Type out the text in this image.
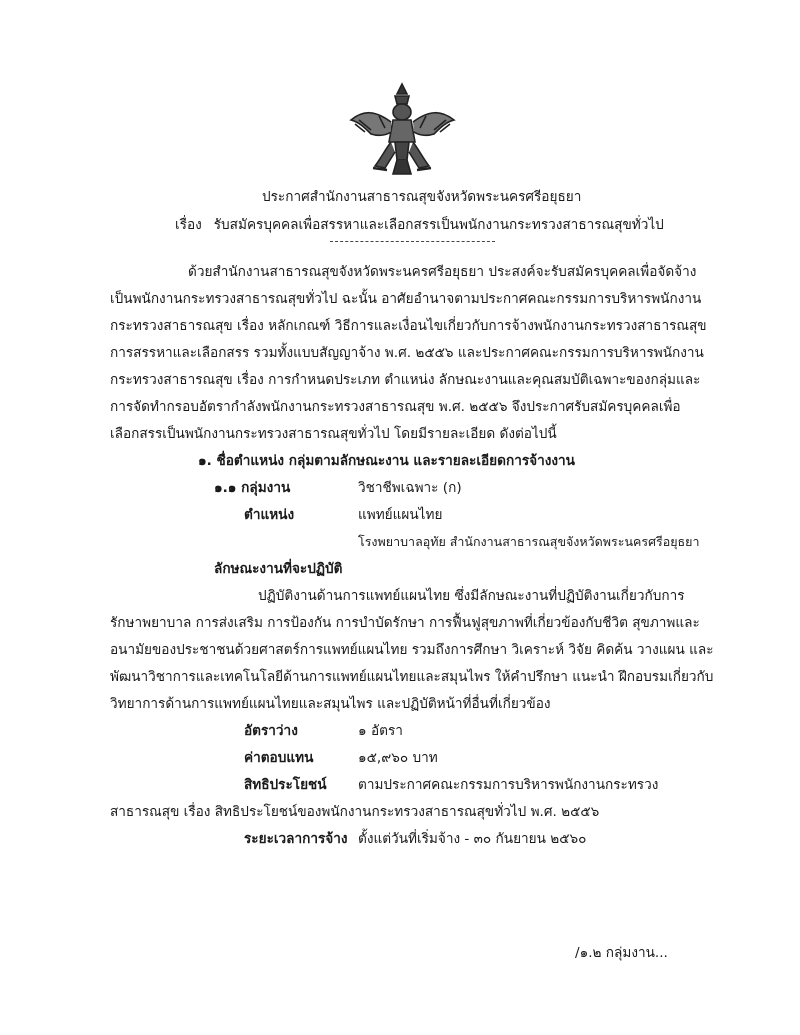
ประกาศสำนักงานสาธารณสุขจังหวัดพระนครศรีอยุธยา
เรื่อง รับสมัครบุคคลเพื่อสรรหาและเลือกสรรเป็นพนักงานกระทรวงสาธารณสุขทั่วไป
ด้วยสำนักงานสาธารณสุขจังหวัดพระนครศรีอยุธยา ประสงค์จะรับสมัครบุคคลเพื่อจัดจ้าง
เป็นพนักงานกระทรวงสาธารณสุขทั่วไป ฉะนั้น อาศัยอำนาจตามประกาศคณะกรรมการบริหารพนักงาน
กระทรวงสาธารณสุข เรื่อง หลักเกณฑ์ วิธีการและเงื่อนไขเกี่ยวกับการจ้างพนักงานกระทรวงสาธารณสุข
การสรรหาและเลือกสรร รวมทั้งแบบสัญญาจ้าง พ.ศ. ๒๕๕๖ และประกาศคณะกรรมการบริหารพนักงาน
กระทรวงสาธารณสุข เรื่อง การกำหนดประเภท ตำแหน่ง ลักษณะงานและคุณสมบัติเฉพาะของกลุ่มและ
การจัดทำกรอบอัตรากำลังพนักงานกระทรวงสาธารณสุข พ.ศ. ๒๕๕๖ จึงประกาศรับสมัครบุคคลเพื่อ
เลือกสรรเป็นพนักงานกระทรวงสาธารณสุขทั่วไป โดยมีรายละเอียด ดังต่อไปนี้
๑. ชื่อตำแหน่ง กลุ่มตามลักษณะงาน และรายละเอียดการจ้างงาน
๑.๑ กลุ่มงาน	วิชาชีพเฉพาะ (ก)
ตำแหน่ง	แพทย์แผนไทย
โรงพยาบาลอุทัย สำนักงานสาธารณสุขจังหวัดพระนครศรีอยุธยา
ลักษณะงานที่จะปฏิบัติ
ปฏิบัติงานด้านการแพทย์แผนไทย ซึ่งมีลักษณะงานที่ปฏิบัติงานเกี่ยวกับการ
รักษาพยาบาล การส่งเสริม การป้องกัน การบำบัดรักษา การฟื้นฟูสุขภาพที่เกี่ยวข้องกับชีวิต สุขภาพและ
อนามัยของประชาชนด้วยศาสตร์การแพทย์แผนไทย รวมถึงการศึกษา วิเคราะห์ วิจัย คิดค้น วางแผน และ
พัฒนาวิชาการและเทคโนโลยีด้านการแพทย์แผนไทยและสมุนไพร ให้คำปรึกษา แนะนำ ฝึกอบรมเกี่ยวกับ
วิทยาการด้านการแพทย์แผนไทยและสมุนไพร และปฏิบัติหน้าที่อื่นที่เกี่ยวข้อง
อัตราว่าง	๑ อัตรา
ค่าตอบแทน	๑๕,๙๖๐ บาท
สิทธิประโยชน์ ตามประกาศคณะกรรมการบริหารพนักงานกระทรวง
สาธารณสุข เรื่อง สิทธิประโยชน์ของพนักงานกระทรวงสาธารณสุขทั่วไป พ.ศ. ๒๕๕๖
ระยะเวลาการจ้าง ตั้งแต่วันที่เริ่มจ้าง - ๓๐ กันยายน ๒๕๖๐
/๑.๒ กลุ่มงาน...
